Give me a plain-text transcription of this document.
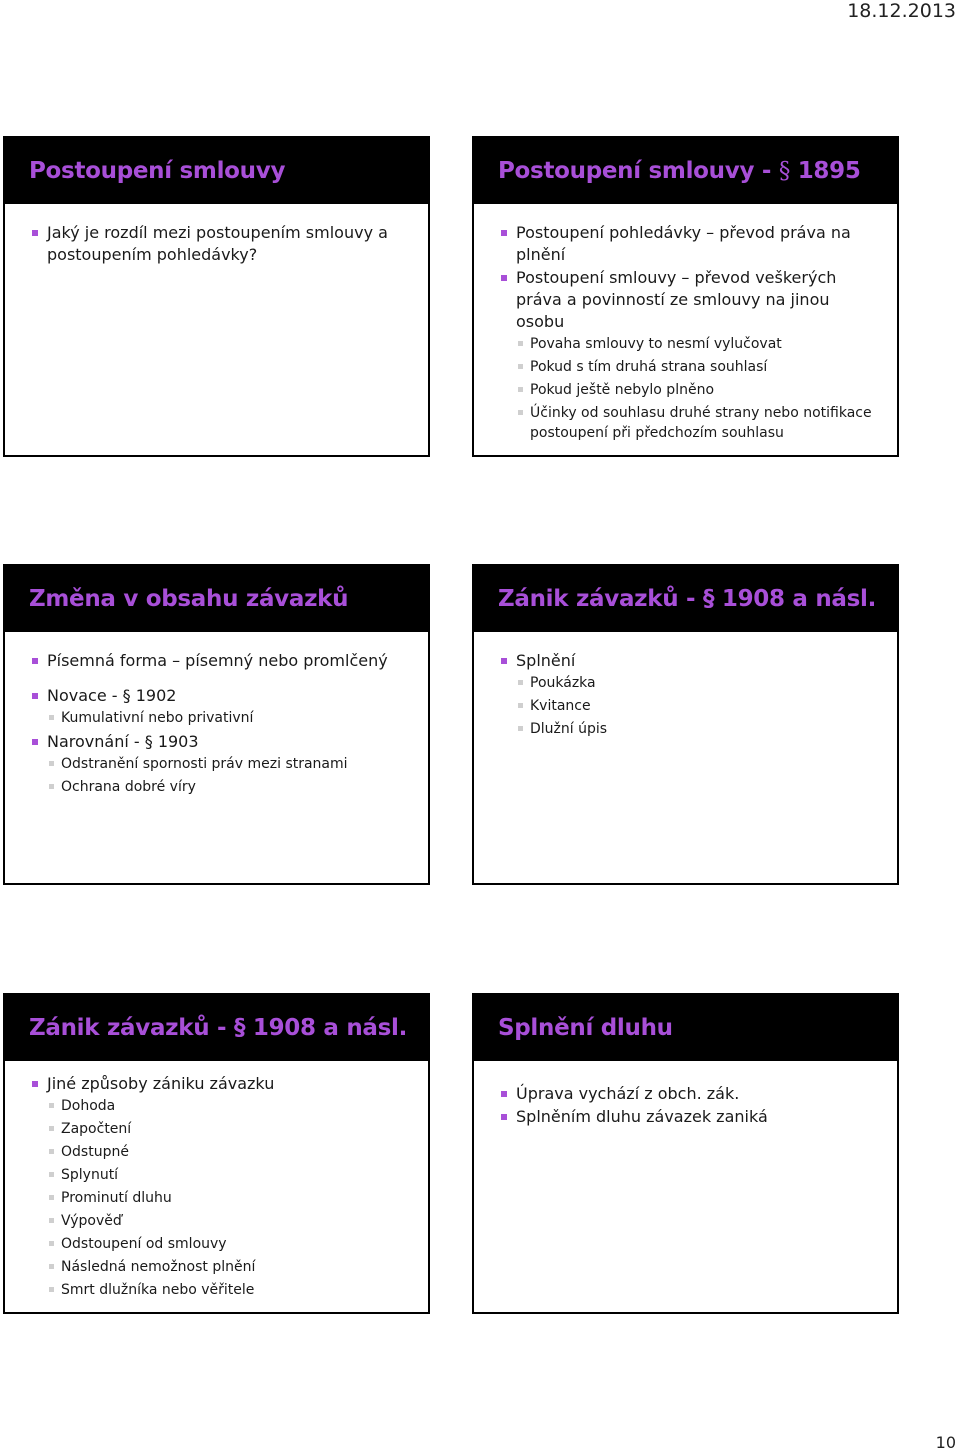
18.12.2013
Postoupení smlouvy
Jaký je rozdíl mezi postoupením smlouvy a postoupením pohledávky?
Postoupení smlouvy - § 1895
Postoupení pohledávky – převod práva na plnění
Postoupení smlouvy – převod veškerých práva a povinností ze smlouvy na jinou osobu
Povaha smlouvy to nesmí vylučovat
Pokud s tím druhá strana souhlasí
Pokud ještě nebylo plněno
Účinky od souhlasu druhé strany nebo notifikace postoupení při předchozím souhlasu
Změna v obsahu závazků
Písemná forma – písemný nebo promlčený
Novace - § 1902
Kumulativní nebo privativní
Narovnání - § 1903
Odstranění spornosti práv mezi stranami
Ochrana dobré víry
Zánik závazků - § 1908 a násl.
Splnění
Poukázka
Kvitance
Dlužní úpis
Zánik závazků - § 1908 a násl.
Jiné způsoby zániku závazku
Dohoda
Započtení
Odstupné
Splynutí
Prominutí dluhu
Výpověď
Odstoupení od smlouvy
Následná nemožnost plnění
Smrt dlužníka nebo věřitele
Splnění dluhu
Úprava vychází z obch. zák.
Splněním dluhu závazek zaniká
10
